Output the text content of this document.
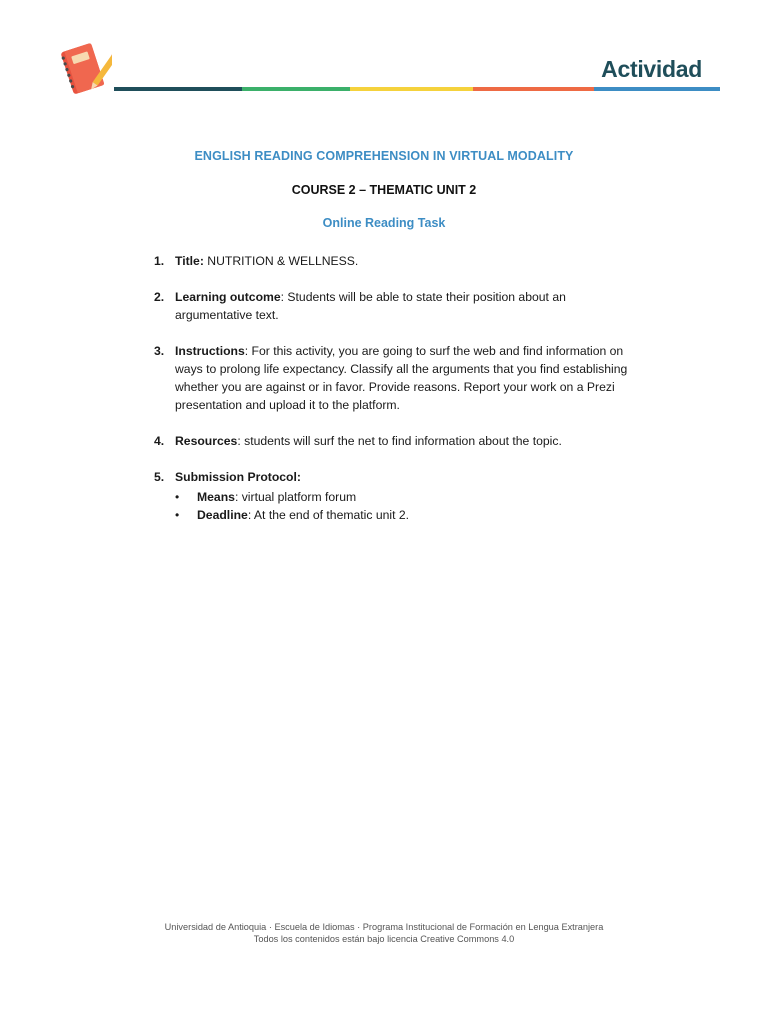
Actividad
ENGLISH READING COMPREHENSION IN VIRTUAL MODALITY
COURSE 2 – THEMATIC UNIT 2
Online Reading Task
1. Title: NUTRITION & WELLNESS.
2. Learning outcome: Students will be able to state their position about an argumentative text.
3. Instructions: For this activity, you are going to surf the web and find information on ways to prolong life expectancy. Classify all the arguments that you find establishing whether you are against or in favor. Provide reasons. Report your work on a Prezi presentation and upload it to the platform.
4. Resources: students will surf the net to find information about the topic.
5. Submission Protocol:
• Means: virtual platform forum
• Deadline: At the end of thematic unit 2.
Universidad de Antioquia · Escuela de Idiomas · Programa Institucional de Formación en Lengua Extranjera
Todos los contenidos están bajo licencia Creative Commons 4.0
